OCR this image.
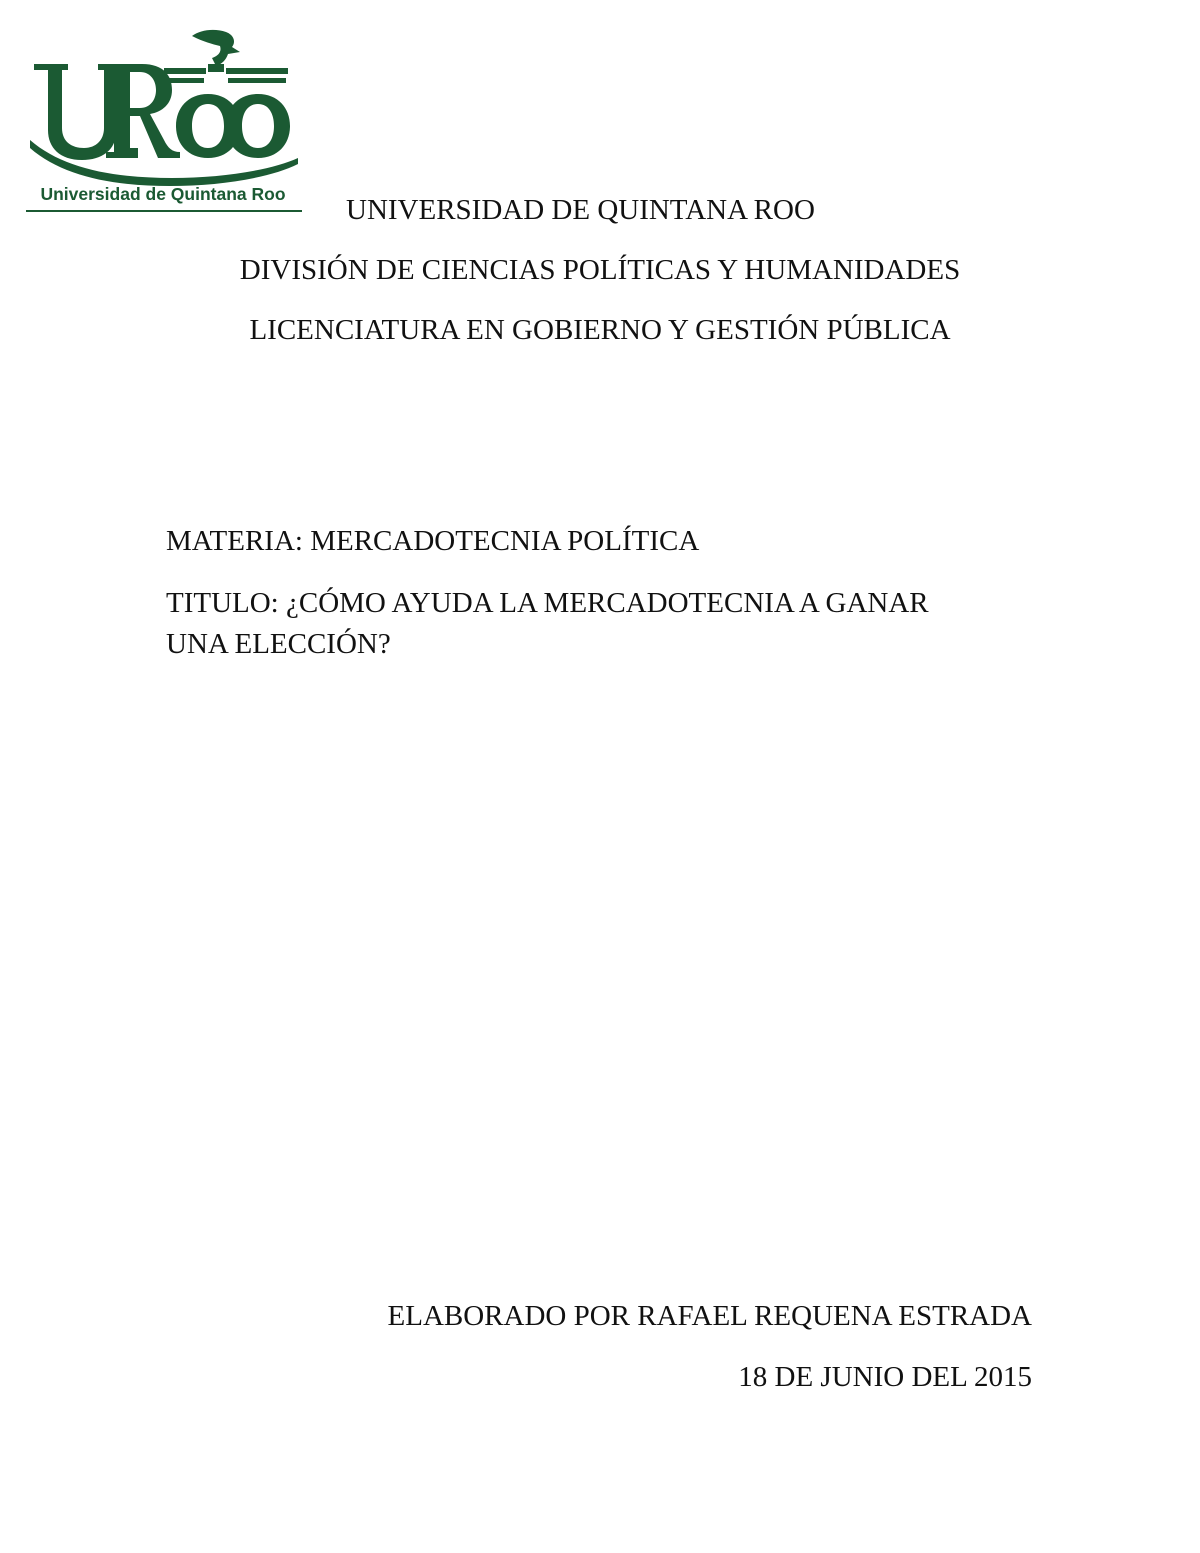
Universidad de Quintana Roo	UNIVERSIDAD DE QUINTANA ROO
DIVISIÓN DE CIENCIAS POLÍTICAS Y HUMANIDADES
LICENCIATURA EN GOBIERNO Y GESTIÓN PÚBLICA
MATERIA: MERCADOTECNIA POLÍTICA
TITULO: ¿CÓMO AYUDA LA MERCADOTECNIA A GANAR
UNA ELECCIÓN?
ELABORADO POR RAFAEL REQUENA ESTRADA
18 DE JUNIO DEL 2015
